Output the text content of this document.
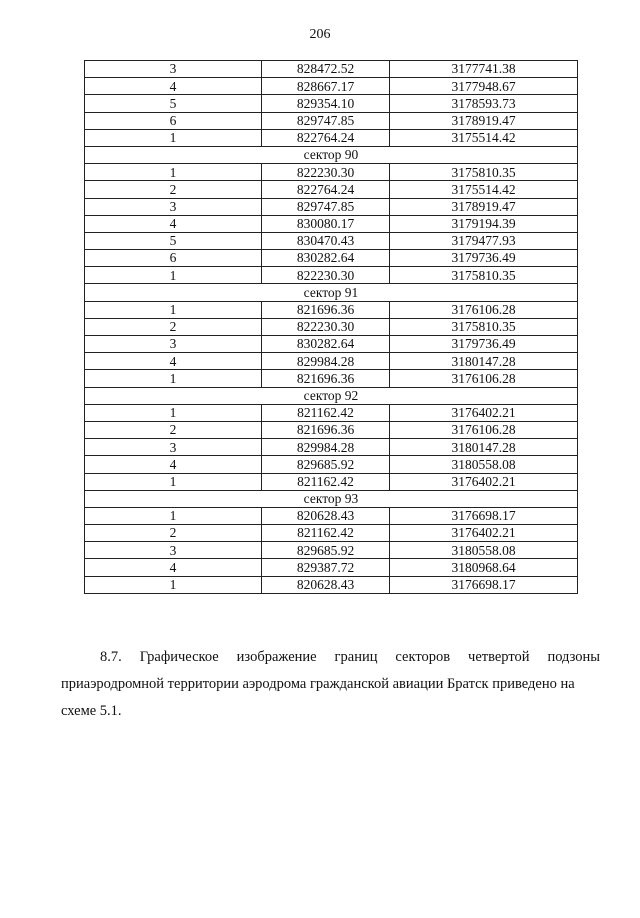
206
3	828472.52	3177741.38
4	828667.17	3177948.67
5	829354.10	3178593.73
6	829747.85	3178919.47
1	822764.24	3175514.42
сектор 90		
1	822230.30	3175810.35
2	822764.24	3175514.42
3	829747.85	3178919.47
4	830080.17	3179194.39
5	830470.43	3179477.93
6	830282.64	3179736.49
1	822230.30	3175810.35
сектор 91		
1	821696.36	3176106.28
2	822230.30	3175810.35
3	830282.64	3179736.49
4	829984.28	3180147.28
1	821696.36	3176106.28
сектор 92		
1	821162.42	3176402.21
2	821696.36	3176106.28
3	829984.28	3180147.28
4	829685.92	3180558.08
1	821162.42	3176402.21
сектор 93		
1	820628.43	3176698.17
2	821162.42	3176402.21
3	829685.92	3180558.08
4	829387.72	3180968.64
1	820628.43	3176698.17
8.7. Графическое изображение границ секторов четвертой подзоны
приаэродромной территории аэродрома гражданской авиации Братск приведено на
схеме 5.1.
